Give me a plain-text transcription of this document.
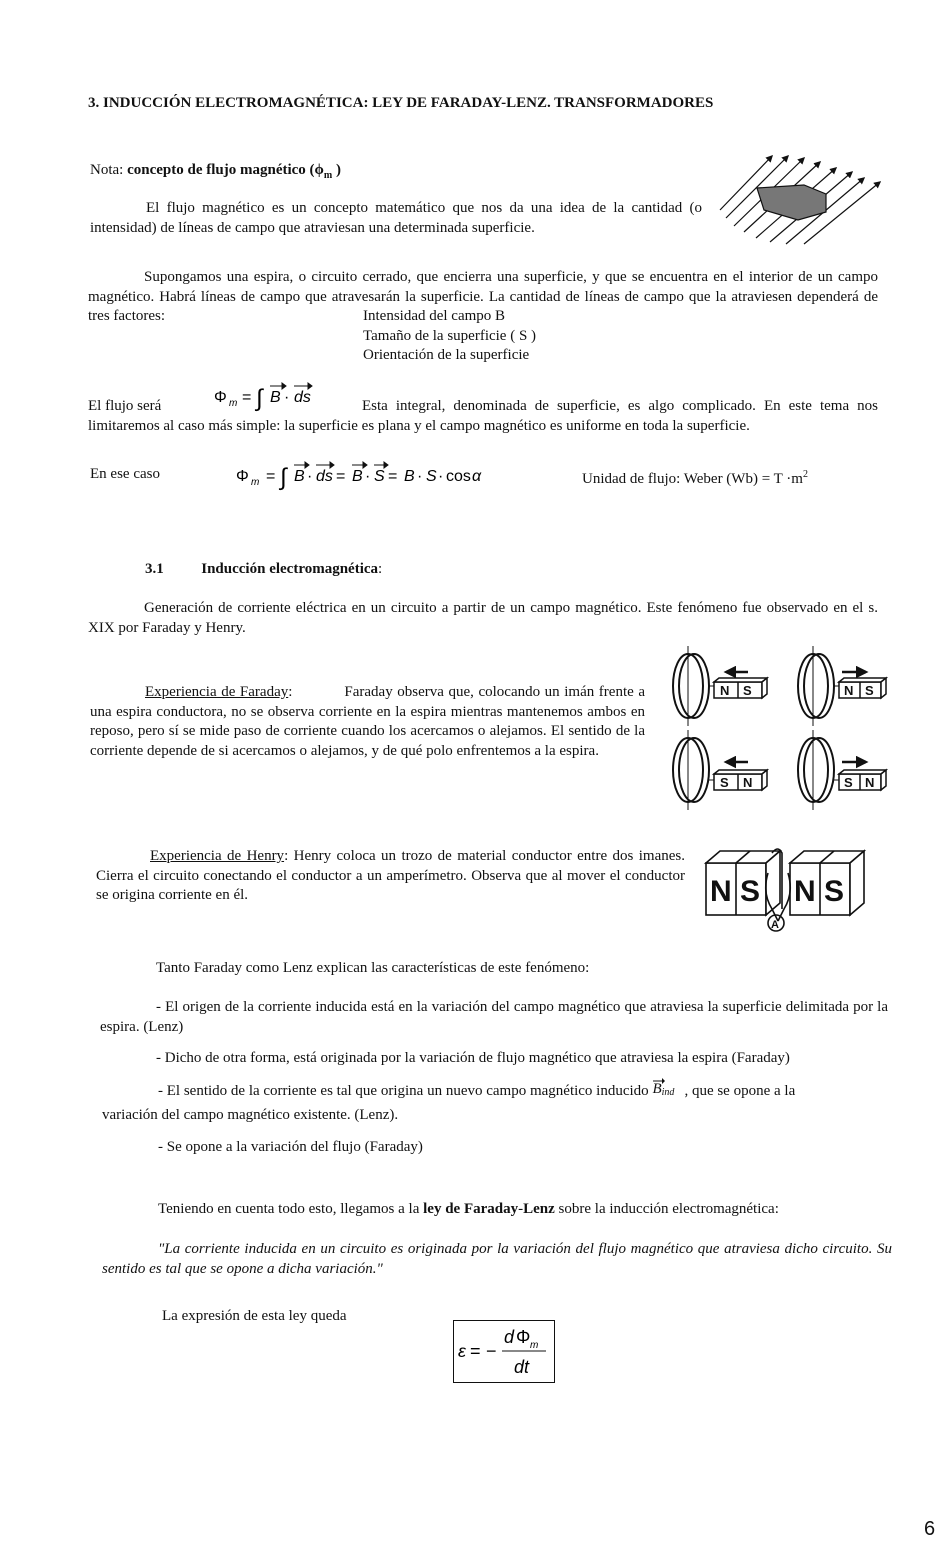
3. INDUCCIÓN ELECTROMAGNÉTICA: LEY DE FARADAY-LENZ. TRANSFORMADORES
Nota: concepto de flujo magnético ($\phi_m$ )
El flujo magnético es un concepto matemático que nos da una idea de la cantidad (o intensidad) de líneas de campo que atraviesan una determinada superficie.
Supongamos una espira, o circuito cerrado, que encierra una superficie, y que se encuentra en el interior de un campo magnético. Habrá líneas de campo que atravesarán la superficie. La cantidad de líneas de campo que la atraviesen dependerá de tres factores:	Intensidad del campo B
Tamaño de la superficie ( S )
Orientación de la superficie
El flujo será	Φ m = ∫ B · ds	Esta integral, denominada de superficie, es algo complicado. En este tema nos limitaremos al caso más simple: la superficie es plana y el campo magnético es uniforme en toda la superficie.
En ese caso	Φ m = ∫ B · ds = B · S = B · S · cos α	Unidad de flujo: Weber $(Wb) = T \cdot m^2$
3.1	Inducción electromagnética:
Generación de corriente eléctrica en un circuito a partir de un campo magnético. Este fenómeno fue observado en el s. XIX por Faraday y Henry.
Experiencia de Faraday:	Faraday observa que, colocando un imán frente a una espira conductora, no se observa corriente en la espira mientras mantenemos ambos en reposo, pero sí se mide paso de corriente cuando los acercamos o alejamos. El sentido de la corriente depende de si acercamos o alejamos, y de qué polo enfrentemos a la espira.
N S	N S
S N	S N
Experiencia de Henry: Henry coloca un trozo de material conductor entre dos imanes. Cierra el circuito conectando el conductor a un amperímetro. Observa que al mover el conductor se origina corriente en él.	N S N S
A
Tanto Faraday como Lenz explican las características de este fenómeno:
- El origen de la corriente inducida está en la variación del campo magnético que atraviesa la superficie delimitada por la espira. (Lenz)
- Dicho de otra forma, está originada por la variación de flujo magnético que atraviesa la espira (Faraday)
- El sentido de la corriente es tal que origina un nuevo campo magnético inducido Bind , que se opone a la
variación del campo magnético existente. (Lenz).
- Se opone a la variación del flujo (Faraday)
Teniendo en cuenta todo esto, llegamos a la ley de Faraday-Lenz sobre la inducción electromagnética:
"La corriente inducida en un circuito es originada por la variación del flujo magnético que atraviesa dicho circuito. Su sentido es tal que se opone a dicha variación."
La expresión de esta ley queda
ε = −
d Φ m
dt
6
